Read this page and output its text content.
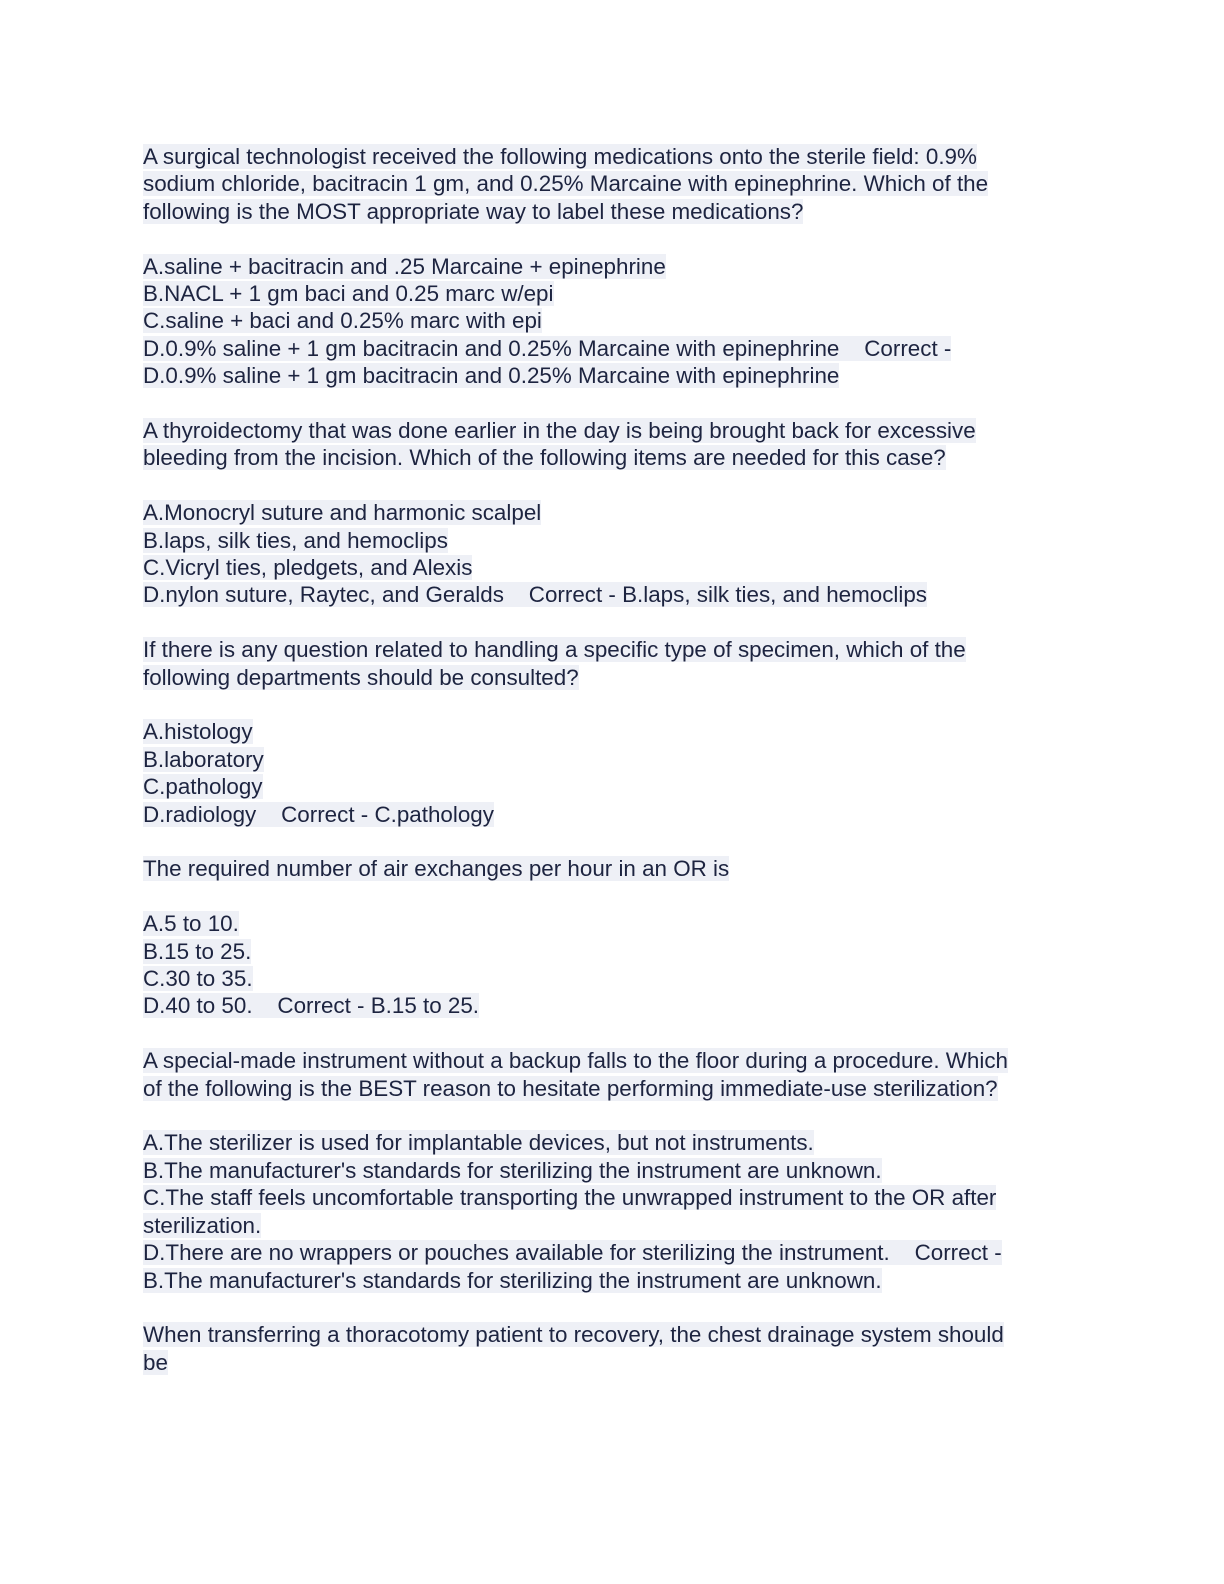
A surgical technologist received the following medications onto the sterile field: 0.9%
sodium chloride, bacitracin 1 gm, and 0.25% Marcaine with epinephrine. Which of the
following is the MOST appropriate way to label these medications?
A.saline + bacitracin and .25 Marcaine + epinephrine
B.NACL + 1 gm baci and 0.25 marc w/epi
C.saline + baci and 0.25% marc with epi
D.0.9% saline + 1 gm bacitracin and 0.25% Marcaine with epinephrine    Correct -
D.0.9% saline + 1 gm bacitracin and 0.25% Marcaine with epinephrine
A thyroidectomy that was done earlier in the day is being brought back for excessive
bleeding from the incision. Which of the following items are needed for this case?
A.Monocryl suture and harmonic scalpel
B.laps, silk ties, and hemoclips
C.Vicryl ties, pledgets, and Alexis
D.nylon suture, Raytec, and Geralds    Correct - B.laps, silk ties, and hemoclips
If there is any question related to handling a specific type of specimen, which of the
following departments should be consulted?
A.histology
B.laboratory
C.pathology
D.radiology    Correct - C.pathology
The required number of air exchanges per hour in an OR is
A.5 to 10.
B.15 to 25.
C.30 to 35.
D.40 to 50.    Correct - B.15 to 25.
A special-made instrument without a backup falls to the floor during a procedure. Which
of the following is the BEST reason to hesitate performing immediate-use sterilization?
A.The sterilizer is used for implantable devices, but not instruments.
B.The manufacturer's standards for sterilizing the instrument are unknown.
C.The staff feels uncomfortable transporting the unwrapped instrument to the OR after
sterilization.
D.There are no wrappers or pouches available for sterilizing the instrument.    Correct -
B.The manufacturer's standards for sterilizing the instrument are unknown.
When transferring a thoracotomy patient to recovery, the chest drainage system should
be
